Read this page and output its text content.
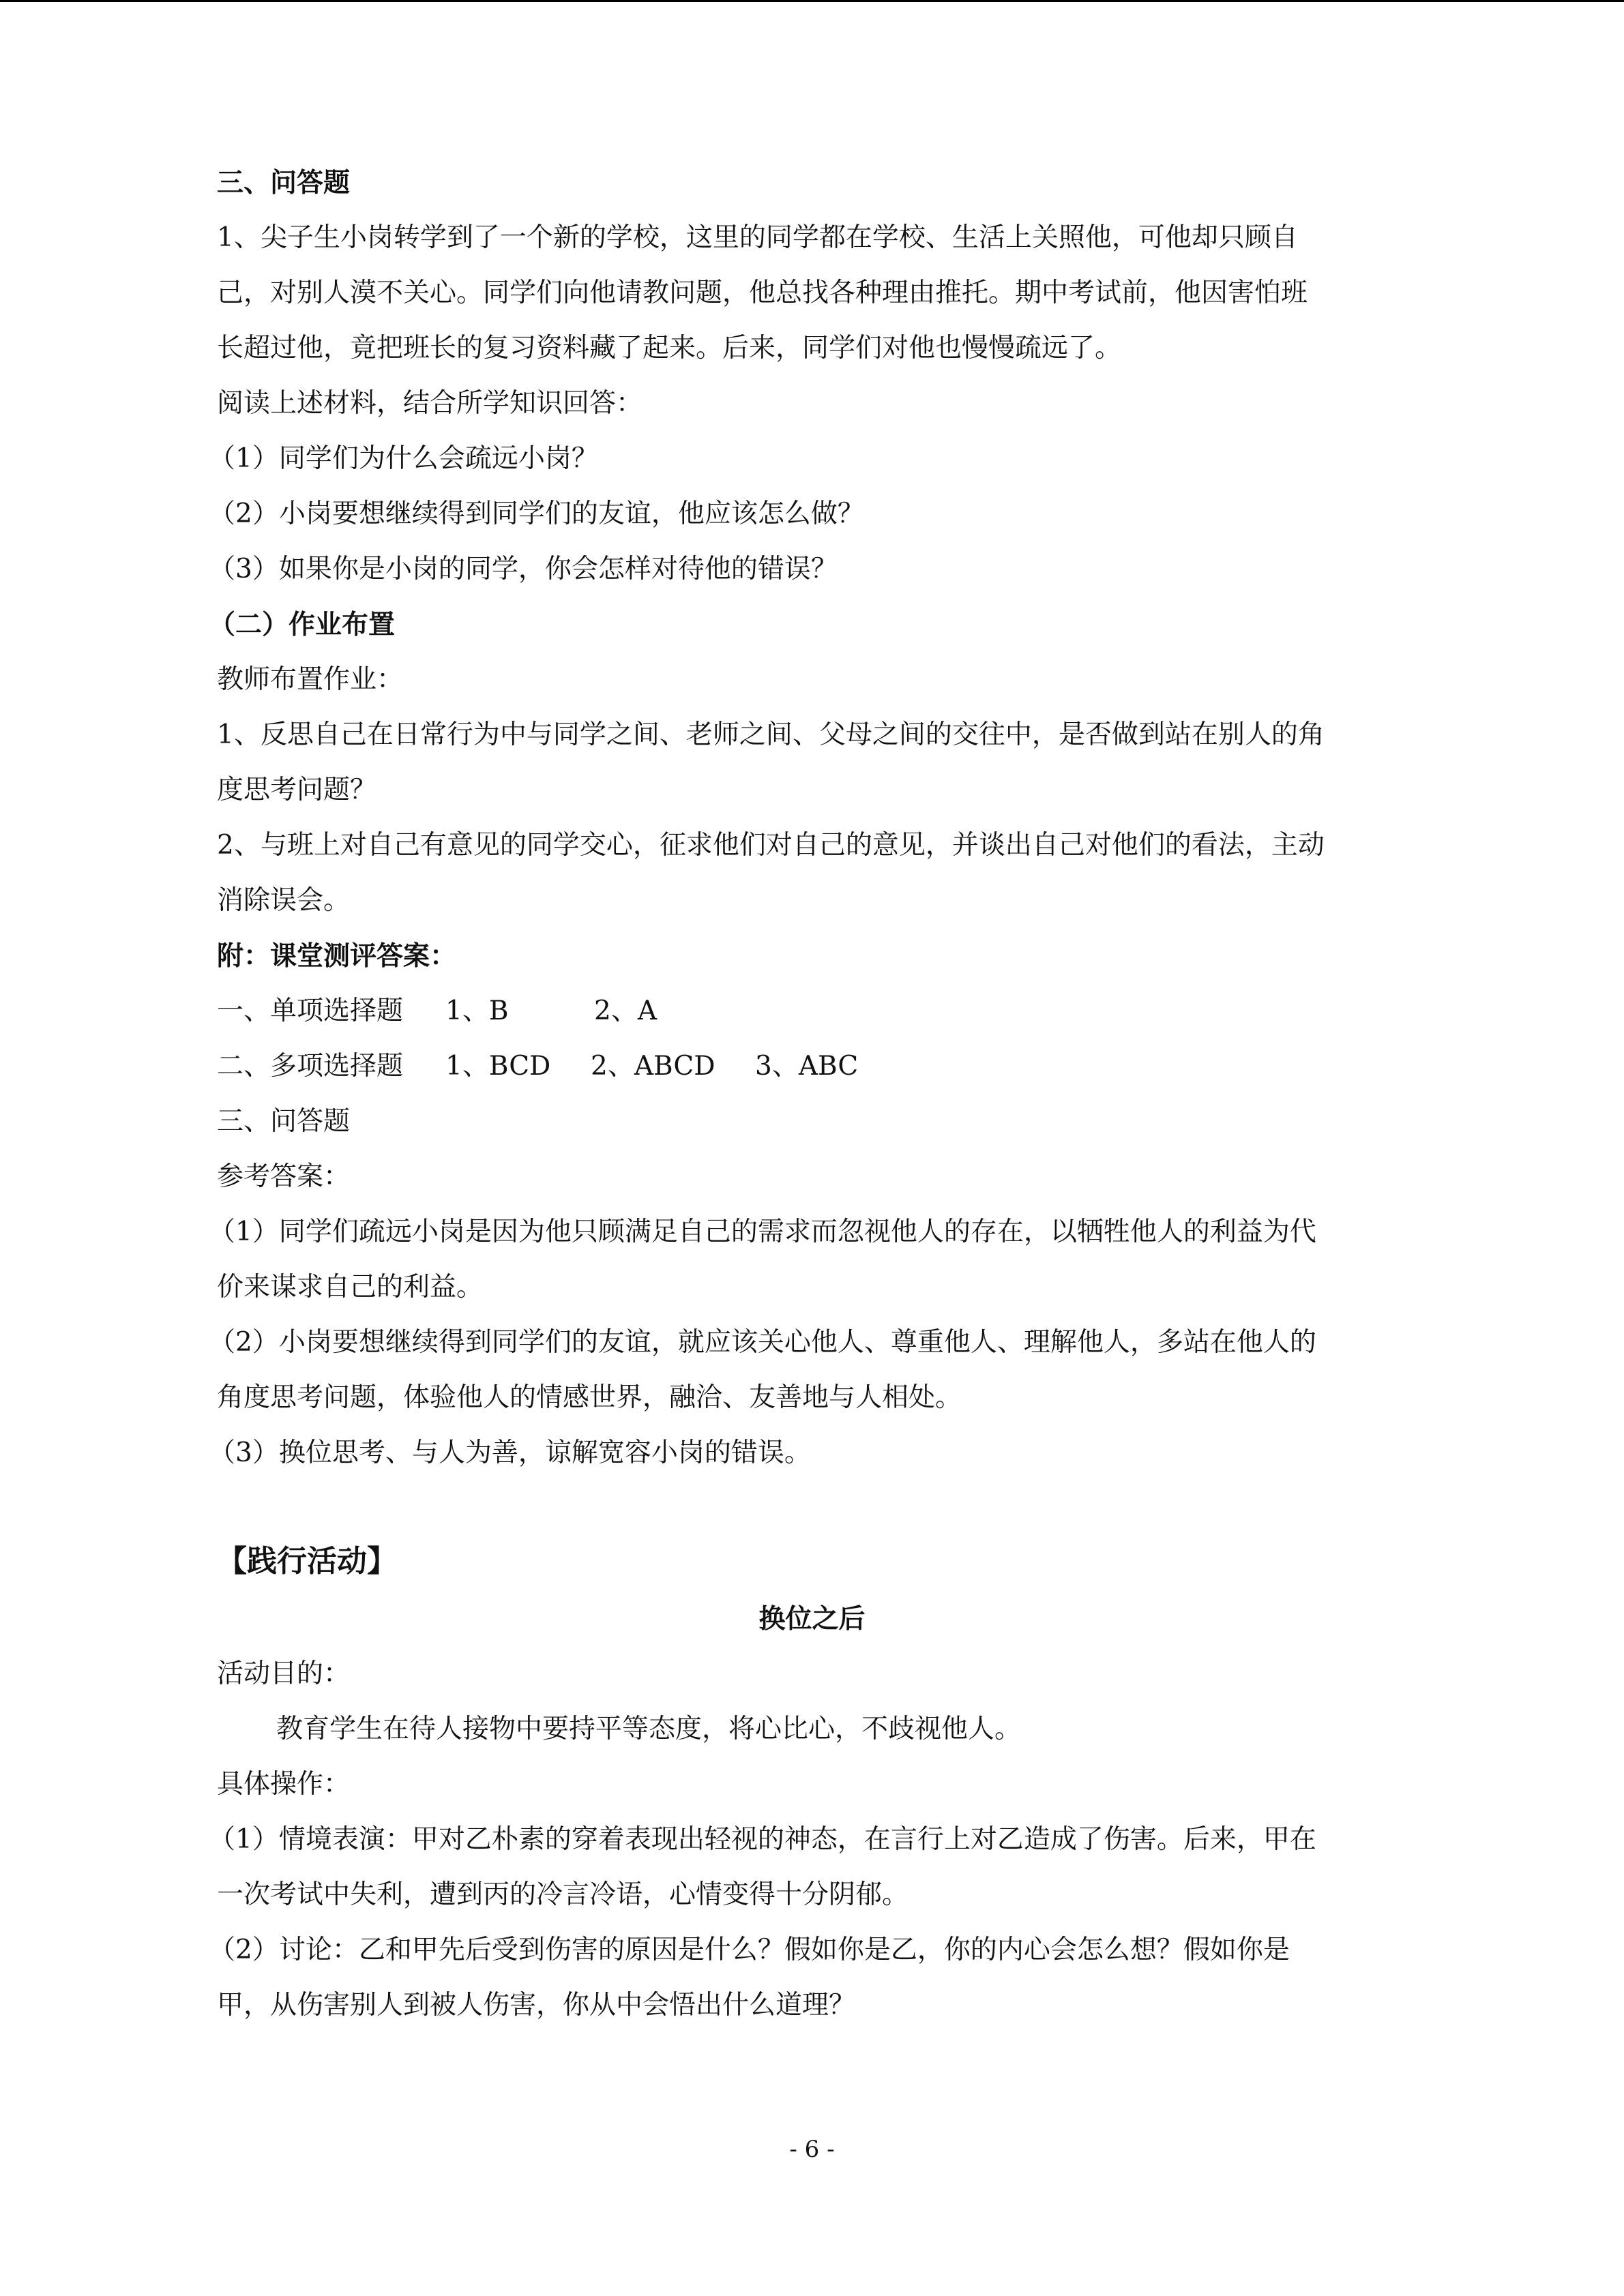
三、问答题
1、尖子生小岗转学到了一个新的学校，这里的同学都在学校、生活上关照他，可他却只顾自
己，对别人漠不关心。同学们向他请教问题，他总找各种理由推托。期中考试前，他因害怕班
长超过他，竟把班长的复习资料藏了起来。后来，同学们对他也慢慢疏远了。
阅读上述材料，结合所学知识回答：
（1）同学们为什么会疏远小岗？
（2）小岗要想继续得到同学们的友谊，他应该怎么做？
（3）如果你是小岗的同学，你会怎样对待他的错误？
（二）作业布置
教师布置作业：
1、反思自己在日常行为中与同学之间、老师之间、父母之间的交往中，是否做到站在别人的角
度思考问题？
2、与班上对自己有意见的同学交心，征求他们对自己的意见，并谈出自己对他们的看法，主动
消除误会。
附：课堂测评答案：
一、单项选择题 1、B	2、A
二、多项选择题 1、BCD 2、ABCD 3、ABC
三、问答题
参考答案：
（1）同学们疏远小岗是因为他只顾满足自己的需求而忽视他人的存在，以牺牲他人的利益为代
价来谋求自己的利益。
（2）小岗要想继续得到同学们的友谊，就应该关心他人、尊重他人、理解他人，多站在他人的
角度思考问题，体验他人的情感世界，融洽、友善地与人相处。
（3）换位思考、与人为善，谅解宽容小岗的错误。
【践行活动】
换位之后
活动目的：
教育学生在待人接物中要持平等态度，将心比心，不歧视他人。
具体操作：
（1）情境表演：甲对乙朴素的穿着表现出轻视的神态，在言行上对乙造成了伤害。后来，甲在
一次考试中失利，遭到丙的冷言冷语，心情变得十分阴郁。
（2）讨论：乙和甲先后受到伤害的原因是什么？假如你是乙，你的内心会怎么想？假如你是
甲，从伤害别人到被人伤害，你从中会悟出什么道理？
- 6 -
